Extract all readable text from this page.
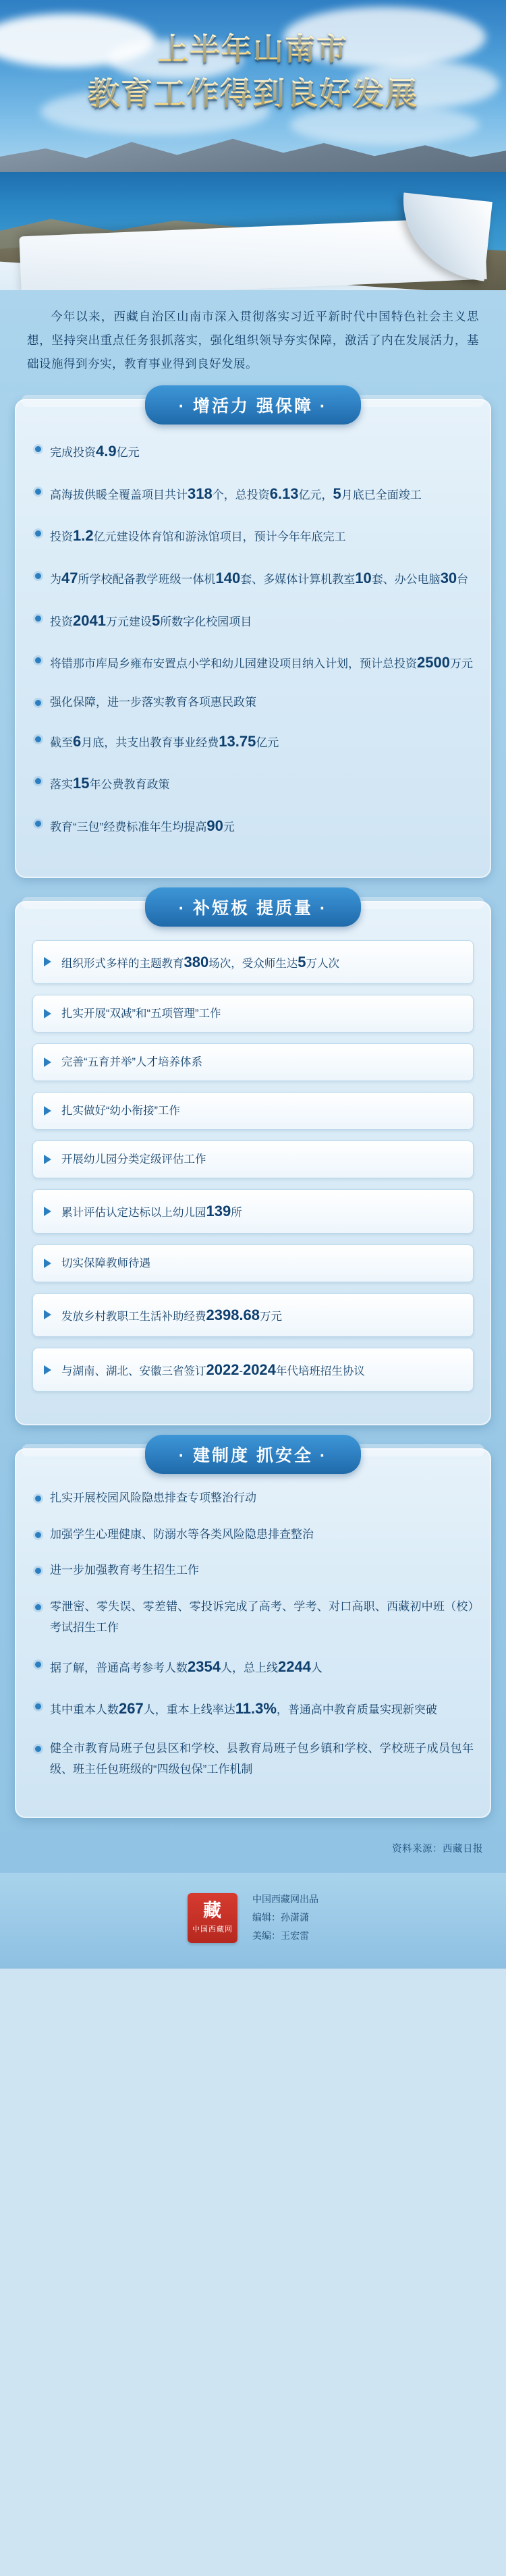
上半年山南市
教育工作得到良好发展

今年以来，西藏自治区山南市深入贯彻落实习近平新时代中国特色社会主义思想，坚持突出重点任务狠抓落实，强化组织领导夯实保障，激活了内在发展活力，基础设施得到夯实，教育事业得到良好发展。

· 增活力 强保障 ·
完成投资4.9亿元
高海拔供暖全覆盖项目共计318个，总投资6.13亿元，5月底已全面竣工
投资1.2亿元建设体育馆和游泳馆项目，预计今年年底完工
为47所学校配备教学班级一体机140套、多媒体计算机教室10套、办公电脑30台
投资2041万元建设5所数字化校园项目
将错那市库局乡雍布安置点小学和幼儿园建设项目纳入计划，预计总投资2500万元
强化保障，进一步落实教育各项惠民政策
截至6月底，共支出教育事业经费13.75亿元
落实15年公费教育政策
教育“三包”经费标准年生均提高90元
· 补短板 提质量 ·
组织形式多样的主题教育380场次，受众师生达5万人次
扎实开展“双减”和“五项管理”工作
完善“五育并举”人才培养体系
扎实做好“幼小衔接”工作
开展幼儿园分类定级评估工作
累计评估认定达标以上幼儿园139所
切实保障教师待遇
发放乡村教职工生活补助经费2398.68万元
与湖南、湖北、安徽三省签订2022-2024年代培班招生协议
· 建制度 抓安全 ·
扎实开展校园风险隐患排查专项整治行动
加强学生心理健康、防溺水等各类风险隐患排查整治
进一步加强教育考生招生工作
零泄密、零失误、零差错、零投诉完成了高考、学考、对口高职、西藏初中班（校）考试招生工作
据了解，普通高考参考人数2354人，总上线2244人
其中重本人数267人，重本上线率达11.3%，普通高中教育质量实现新突破
健全市教育局班子包县区和学校、县教育局班子包乡镇和学校、学校班子成员包年级、班主任包班级的“四级包保”工作机制
资料来源：西藏日报
藏
中国西藏网
中国西藏网出品
编辑：孙潇潇
美编：王宏雷
